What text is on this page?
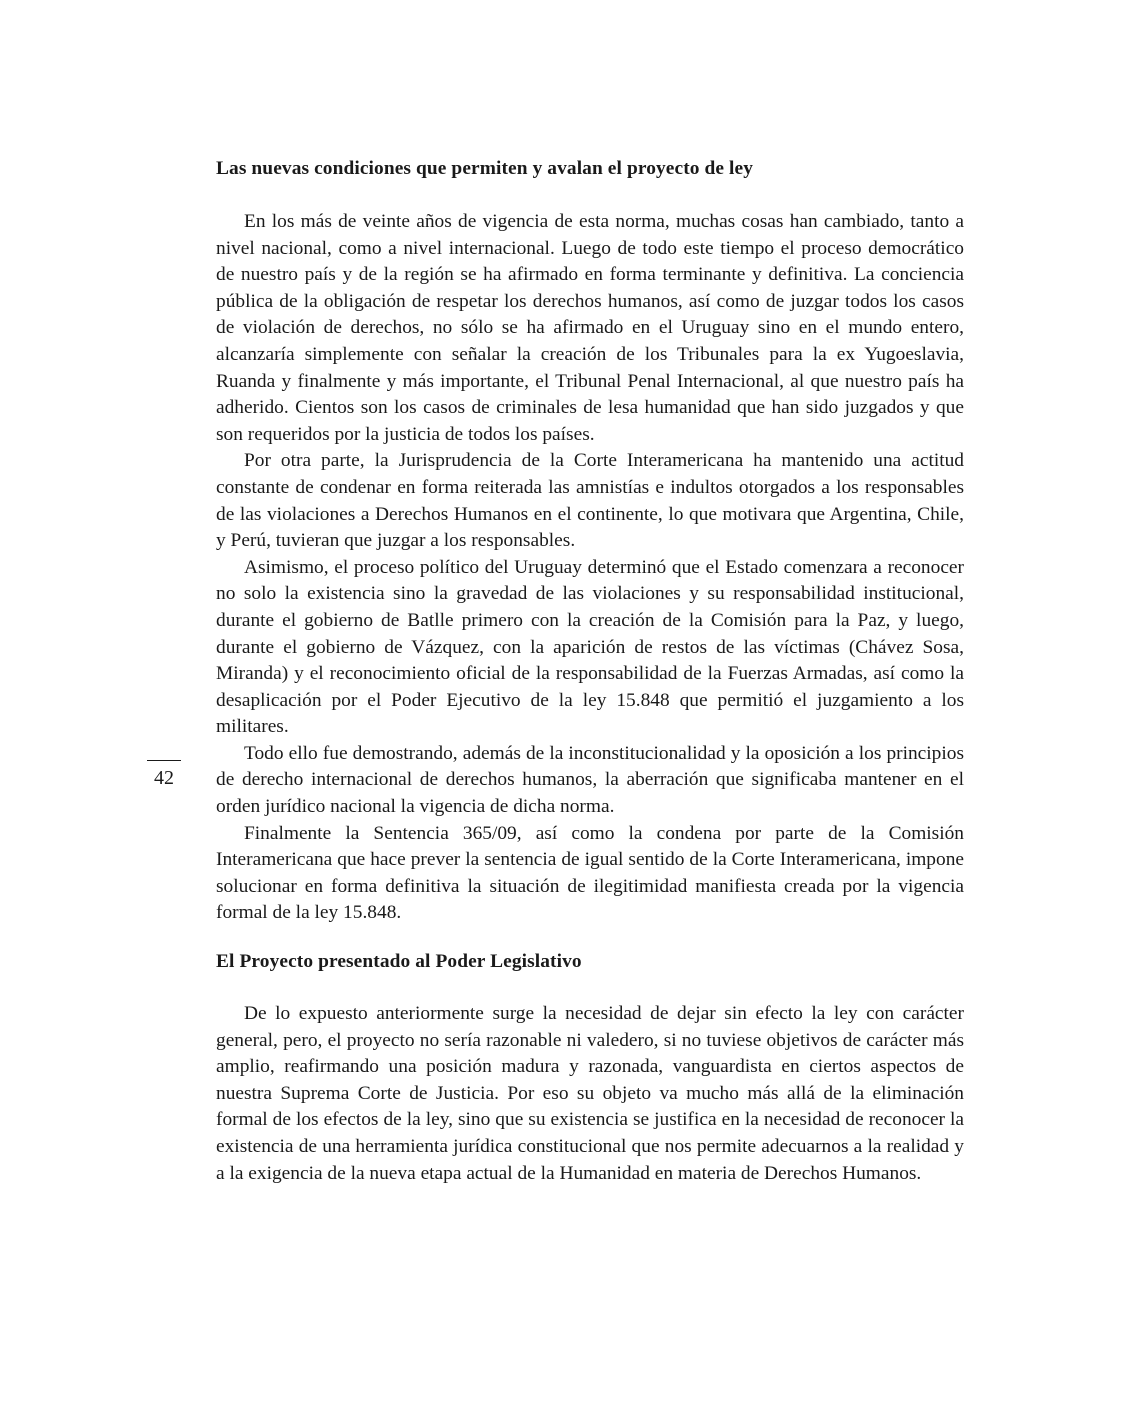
Las nuevas condiciones que permiten y avalan el proyecto de ley

En los más de veinte años de vigencia de esta norma, muchas cosas han cambiado, tanto a nivel nacional, como a nivel internacional. Luego de todo este tiempo el proceso democrático de nuestro país y de la región se ha afirmado en forma terminante y definitiva. La conciencia pública de la obligación de respetar los derechos humanos, así como de juzgar todos los casos de violación de derechos, no sólo se ha afirmado en el Uruguay sino en el mundo entero, alcanzaría simplemente con señalar la creación de los Tribunales para la ex Yugoeslavia, Ruanda y finalmente y más importante, el Tribunal Penal Internacional, al que nuestro país ha adherido. Cientos son los casos de criminales de lesa humanidad que han sido juzgados y que son requeridos por la justicia de todos los países.

Por otra parte, la Jurisprudencia de la Corte Interamericana ha mantenido una actitud constante de condenar en forma reiterada las amnistías e indultos otorgados a los responsables de las violaciones a Derechos Humanos en el continente, lo que motivara que Argentina, Chile, y Perú, tuvieran que juzgar a los responsables.

Asimismo, el proceso político del Uruguay determinó que el Estado comenzara a reconocer no solo la existencia sino la gravedad de las violaciones y su responsabilidad institucional, durante el gobierno de Batlle primero con la creación de la Comisión para la Paz, y luego, durante el gobierno de Vázquez, con la aparición de restos de las víctimas (Chávez Sosa, Miranda) y el reconocimiento oficial de la responsabilidad de la Fuerzas Armadas, así como la desaplicación por el Poder Ejecutivo de la ley 15.848 que permitió el juzgamiento a los militares.

Todo ello fue demostrando, además de la inconstitucionalidad y la oposición a los principios de derecho internacional de derechos humanos, la aberración que significaba mantener en el orden jurídico nacional la vigencia de dicha norma.

Finalmente la Sentencia 365/09, así como la condena por parte de la Comisión Interamericana que hace prever la sentencia de igual sentido de la Corte Interamericana, impone solucionar en forma definitiva la situación de ilegitimidad manifiesta creada por la vigencia formal de la ley 15.848.

42
El Proyecto presentado al Poder Legislativo

De lo expuesto anteriormente surge la necesidad de dejar sin efecto la ley con carácter general, pero, el proyecto no sería razonable ni valedero, si no tuviese objetivos de carácter más amplio, reafirmando una posición madura y razonada, vanguardista en ciertos aspectos de nuestra Suprema Corte de Justicia. Por eso su objeto va mucho más allá de la eliminación formal de los efectos de la ley, sino que su existencia se justifica en la necesidad de reconocer la existencia de una herramienta jurídica constitucional que nos permite adecuarnos a la realidad y a la exigencia de la nueva etapa actual de la Humanidad en materia de Derechos Humanos.
